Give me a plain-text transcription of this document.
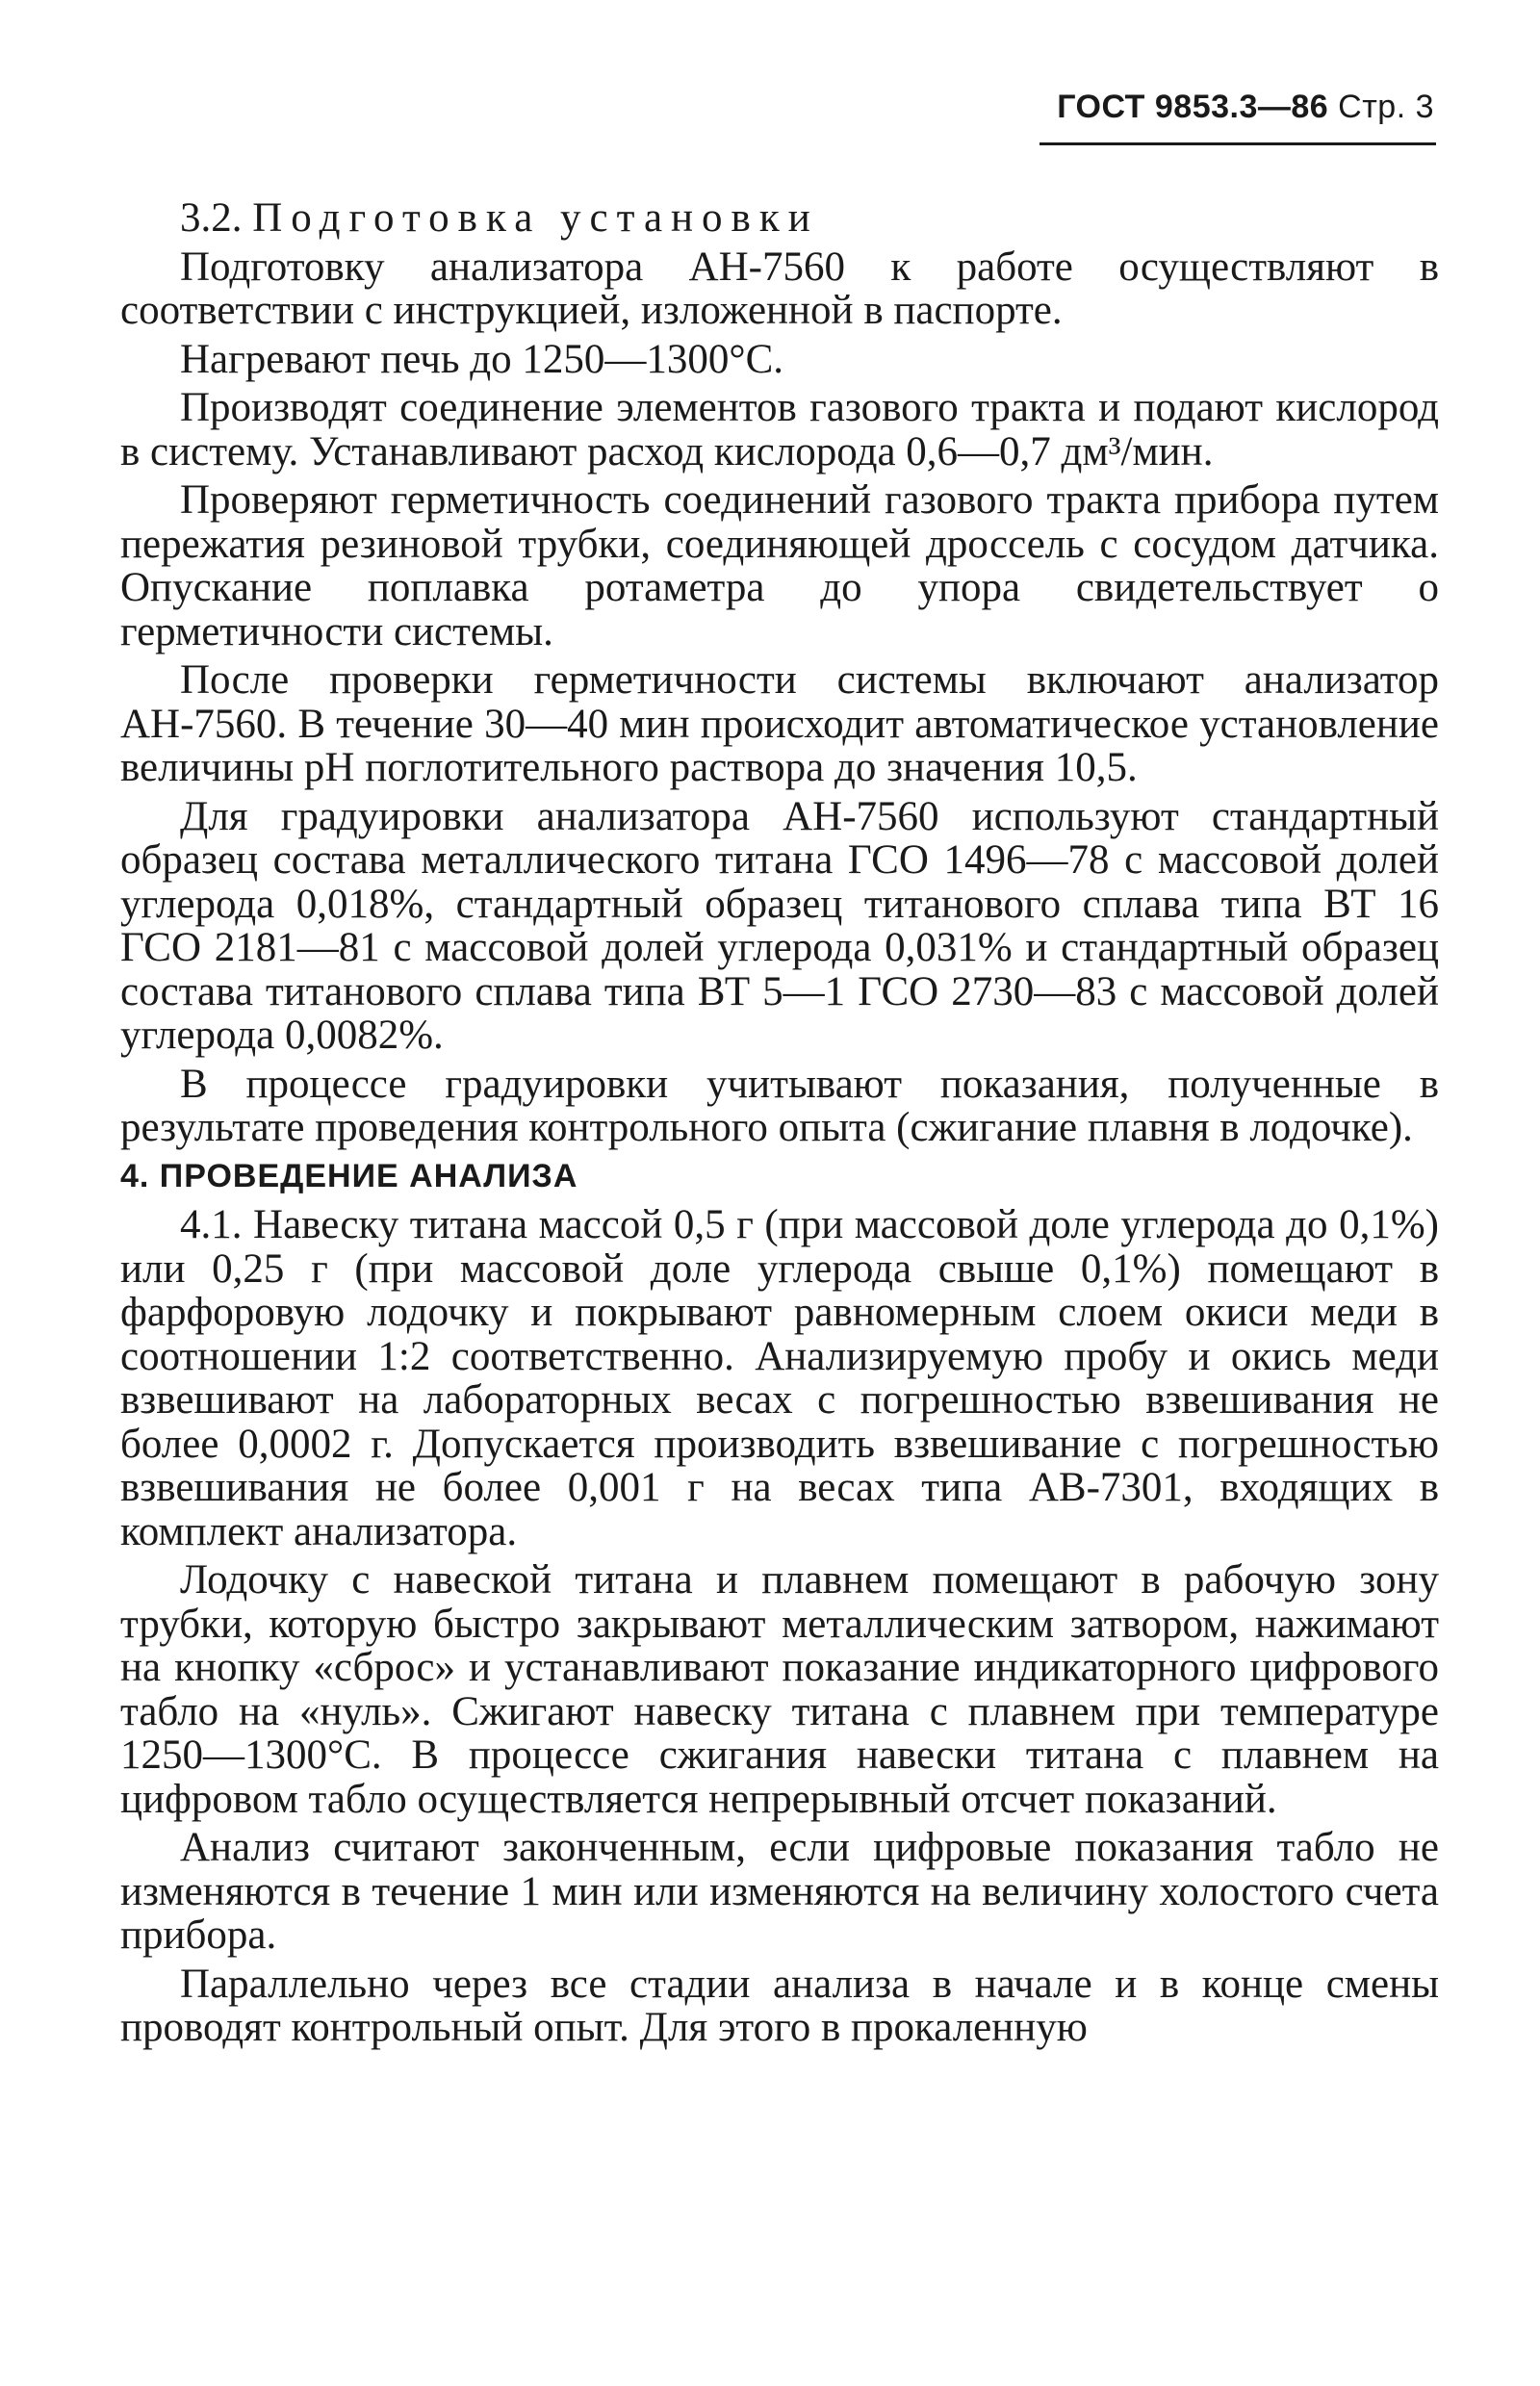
ГОСТ 9853.3—86 Стр. 3

3.2. Подготовка установки

Подготовку анализатора АН-7560 к работе осуществляют в соответствии с инструкцией, изложенной в паспорте.

Нагревают печь до 1250—1300°С.

Производят соединение элементов газового тракта и подают кислород в систему. Устанавливают расход кислорода 0,6—0,7 дм³/мин.

Проверяют герметичность соединений газового тракта прибора путем пережатия резиновой трубки, соединяющей дроссель с сосудом датчика. Опускание поплавка ротаметра до упора свидетельствует о герметичности системы.

После проверки герметичности системы включают анализатор АН-7560. В течение 30—40 мин происходит автоматическое установление величины pH поглотительного раствора до значения 10,5.

Для градуировки анализатора АН-7560 используют стандартный образец состава металлического титана ГСО 1496—78 с массовой долей углерода 0,018%, стандартный образец титанового сплава типа ВТ 16 ГСО 2181—81 с массовой долей углерода 0,031% и стандартный образец состава титанового сплава типа ВТ 5—1 ГСО 2730—83 с массовой долей углерода 0,0082%.

В процессе градуировки учитывают показания, полученные в результате проведения контрольного опыта (сжигание плавня в лодочке).

4. ПРОВЕДЕНИЕ АНАЛИЗА

4.1. Навеску титана массой 0,5 г (при массовой доле углерода до 0,1%) или 0,25 г (при массовой доле углерода свыше 0,1%) помещают в фарфоровую лодочку и покрывают равномерным слоем окиси меди в соотношении 1:2 соответственно. Анализируемую пробу и окись меди взвешивают на лабораторных весах с погрешностью взвешивания не более 0,0002 г. Допускается производить взвешивание с погрешностью взвешивания не более 0,001 г на весах типа АВ-7301, входящих в комплект анализатора.

Лодочку с навеской титана и плавнем помещают в рабочую зону трубки, которую быстро закрывают металлическим затвором, нажимают на кнопку «сброс» и устанавливают показание индикаторного цифрового табло на «нуль». Сжигают навеску титана с плавнем при температуре 1250—1300°С. В процессе сжигания навески титана с плавнем на цифровом табло осуществляется непрерывный отсчет показаний.

Анализ считают законченным, если цифровые показания табло не изменяются в течение 1 мин или изменяются на величину холостого счета прибора.

Параллельно через все стадии анализа в начале и в конце смены проводят контрольный опыт. Для этого в прокаленную
